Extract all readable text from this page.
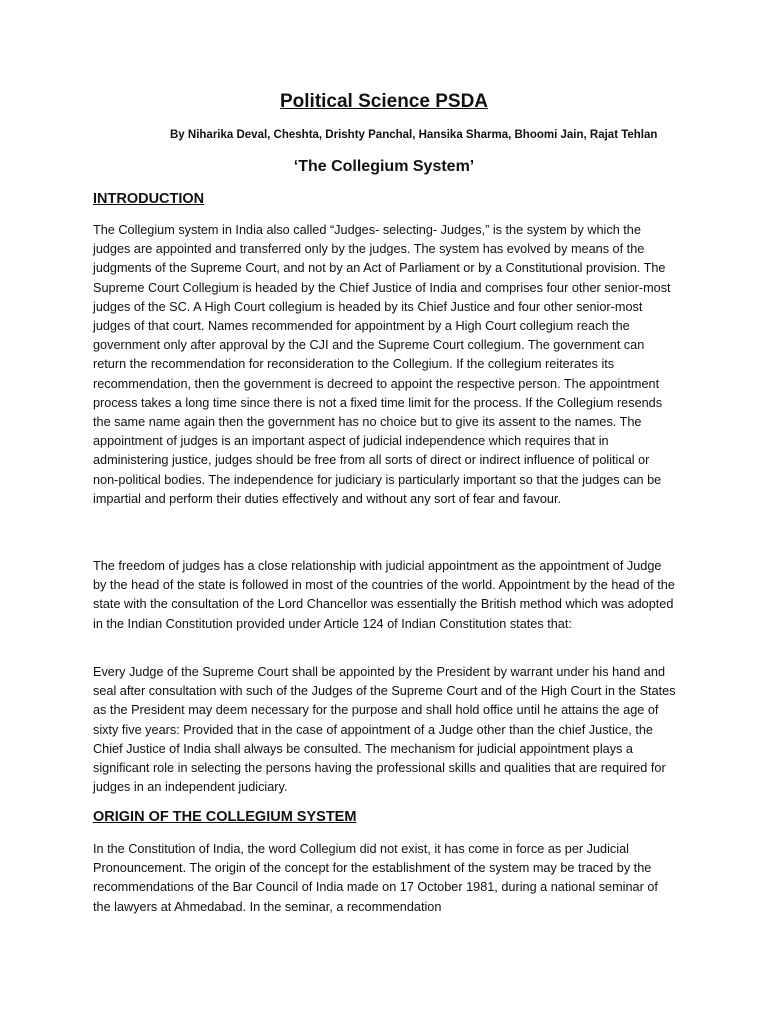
Political Science PSDA
By Niharika Deval, Cheshta, Drishty Panchal, Hansika Sharma, Bhoomi Jain, Rajat Tehlan
‘The Collegium System’
INTRODUCTION

The Collegium system in India also called “Judges- selecting- Judges,” is the system by which the judges are appointed and transferred only by the judges. The system has evolved by means of the judgments of the Supreme Court, and not by an Act of Parliament or by a Constitutional provision. The Supreme Court Collegium is headed by the Chief Justice of India and comprises four other senior-most judges of the SC. A High Court collegium is headed by its Chief Justice and four other senior-most judges of that court. Names recommended for appointment by a High Court collegium reach the government only after approval by the CJI and the Supreme Court collegium. The government can return the recommendation for reconsideration to the Collegium. If the collegium reiterates its recommendation, then the government is decreed to appoint the respective person. The appointment process takes a long time since there is not a fixed time limit for the process. If the Collegium resends the same name again then the government has no choice but to give its assent to the names. The appointment of judges is an important aspect of judicial independence which requires that in administering justice, judges should be free from all sorts of direct or indirect influence of political or non-political bodies. The independence for judiciary is particularly important so that the judges can be impartial and perform their duties effectively and without any sort of fear and favour.

The freedom of judges has a close relationship with judicial appointment as the appointment of Judge by the head of the state is followed in most of the countries of the world. Appointment by the head of the state with the consultation of the Lord Chancellor was essentially the British method which was adopted in the Indian Constitution provided under Article 124 of Indian Constitution states that:

Every Judge of the Supreme Court shall be appointed by the President by warrant under his hand and seal after consultation with such of the Judges of the Supreme Court and of the High Court in the States as the President may deem necessary for the purpose and shall hold office until he attains the age of sixty five years: Provided that in the case of appointment of a Judge other than the chief Justice, the Chief Justice of India shall always be consulted. The mechanism for judicial appointment plays a significant role in selecting the persons having the professional skills and qualities that are required for judges in an independent judiciary.

ORIGIN OF THE COLLEGIUM SYSTEM

In the Constitution of India, the word Collegium did not exist, it has come in force as per Judicial Pronouncement. The origin of the concept for the establishment of the system may be traced by the recommendations of the Bar Council of India made on 17 October 1981, during a national seminar of the lawyers at Ahmedabad. In the seminar, a recommendation
